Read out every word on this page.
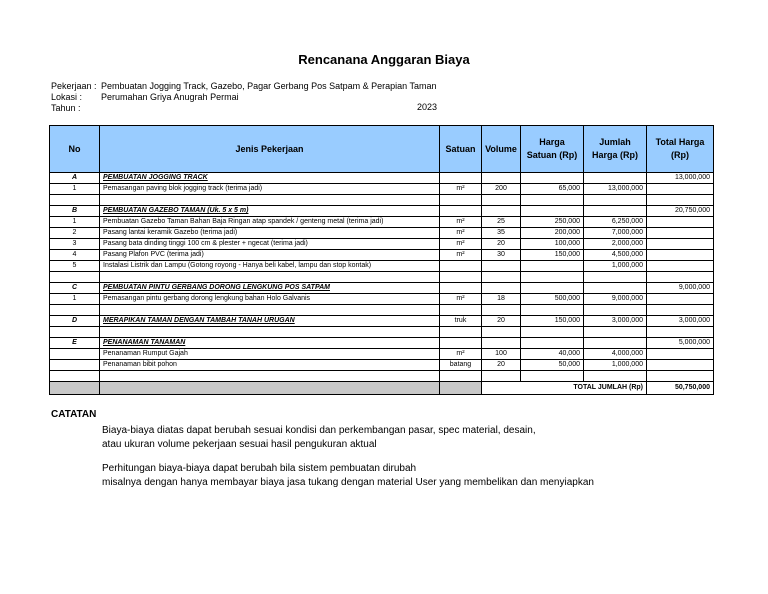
Rencanana Anggaran Biaya
Pekerjaan : Pembuatan Jogging Track, Gazebo, Pagar Gerbang Pos Satpam & Perapian Taman
Lokasi : Perumahan Griya Anugrah Permai
Tahun :	2023
No	Jenis Pekerjaan	Satuan	Volume	Harga Satuan (Rp)	Jumlah Harga (Rp)	Total Harga (Rp)
A	PEMBUATAN JOGGING TRACK					13,000,000
1	Pemasangan paving blok jogging track (terima jadi)	m²	200	65,000	13,000,000	

B	PEMBUATAN GAZEBO TAMAN (Uk. 5 x 5 m)					20,750,000
1	Pembuatan Gazebo Taman Bahan Baja Ringan atap spandek / genteng metal (terima jadi)	m²	25	250,000	6,250,000	
2	Pasang lantai keramik Gazebo (terima jadi)	m²	35	200,000	7,000,000	
3	Pasang bata dinding tinggi 100 cm & plester + ngecat (terima jadi)	m²	20	100,000	2,000,000	
4	Pasang Plafon PVC (terima jadi)	m²	30	150,000	4,500,000	
5	Instalasi Listrik dan Lampu (Gotong royong - Hanya beli kabel, lampu dan stop kontak)				1,000,000	

C	PEMBUATAN PINTU GERBANG DORONG LENGKUNG POS SATPAM					9,000,000
1	Pemasangan pintu gerbang dorong lengkung bahan Holo Galvanis	m²	18	500,000	9,000,000	

D	MERAPIKAN TAMAN DENGAN TAMBAH TANAH URUGAN	truk	20	150,000	3,000,000	3,000,000

E	PENANAMAN TANAMAN					5,000,000
	Penanaman Rumput Gajah	m²	100	40,000	4,000,000	
	Penanaman bibit pohon	batang	20	50,000	1,000,000	

			TOTAL JUMLAH (Rp)			50,750,000
CATATAN
Biaya-biaya diatas dapat berubah sesuai kondisi dan perkembangan pasar, spec material, desain,
atau ukuran volume pekerjaan sesuai hasil pengukuran aktual
Perhitungan biaya-biaya dapat berubah bila sistem pembuatan dirubah
misalnya dengan hanya membayar biaya jasa tukang dengan material User yang membelikan dan menyiapkan
